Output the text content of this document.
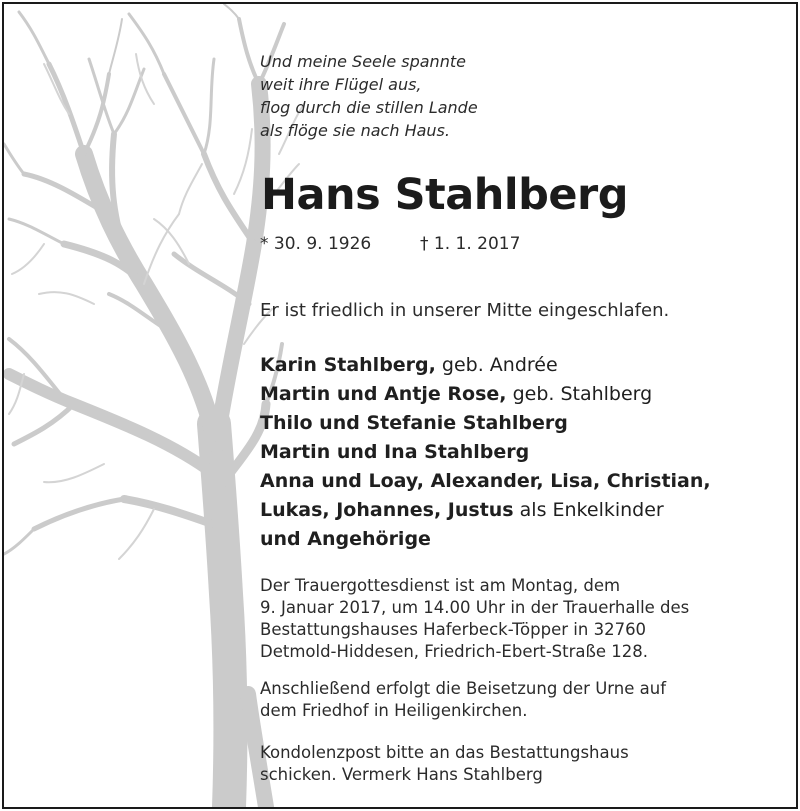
Und meine Seele spannte
weit ihre Flügel aus,
flog durch die stillen Lande
als flöge sie nach Haus.
Hans Stahlberg
* 30. 9. 1926	† 1. 1. 2017
Er ist friedlich in unserer Mitte eingeschlafen.
Karin Stahlberg, geb. Andrée
Martin und Antje Rose, geb. Stahlberg
Thilo und Stefanie Stahlberg
Martin und Ina Stahlberg
Anna und Loay, Alexander, Lisa, Christian,
Lukas, Johannes, Justus als Enkelkinder
und Angehörige
Der Trauergottesdienst ist am Montag, dem
9. Januar 2017, um 14.00 Uhr in der Trauerhalle des
Bestattungshauses Haferbeck-Töpper in 32760
Detmold-Hiddesen, Friedrich-Ebert-Straße 128.
Anschließend erfolgt die Beisetzung der Urne auf
dem Friedhof in Heiligenkirchen.
Kondolenzpost bitte an das Bestattungshaus
schicken. Vermerk Hans Stahlberg
